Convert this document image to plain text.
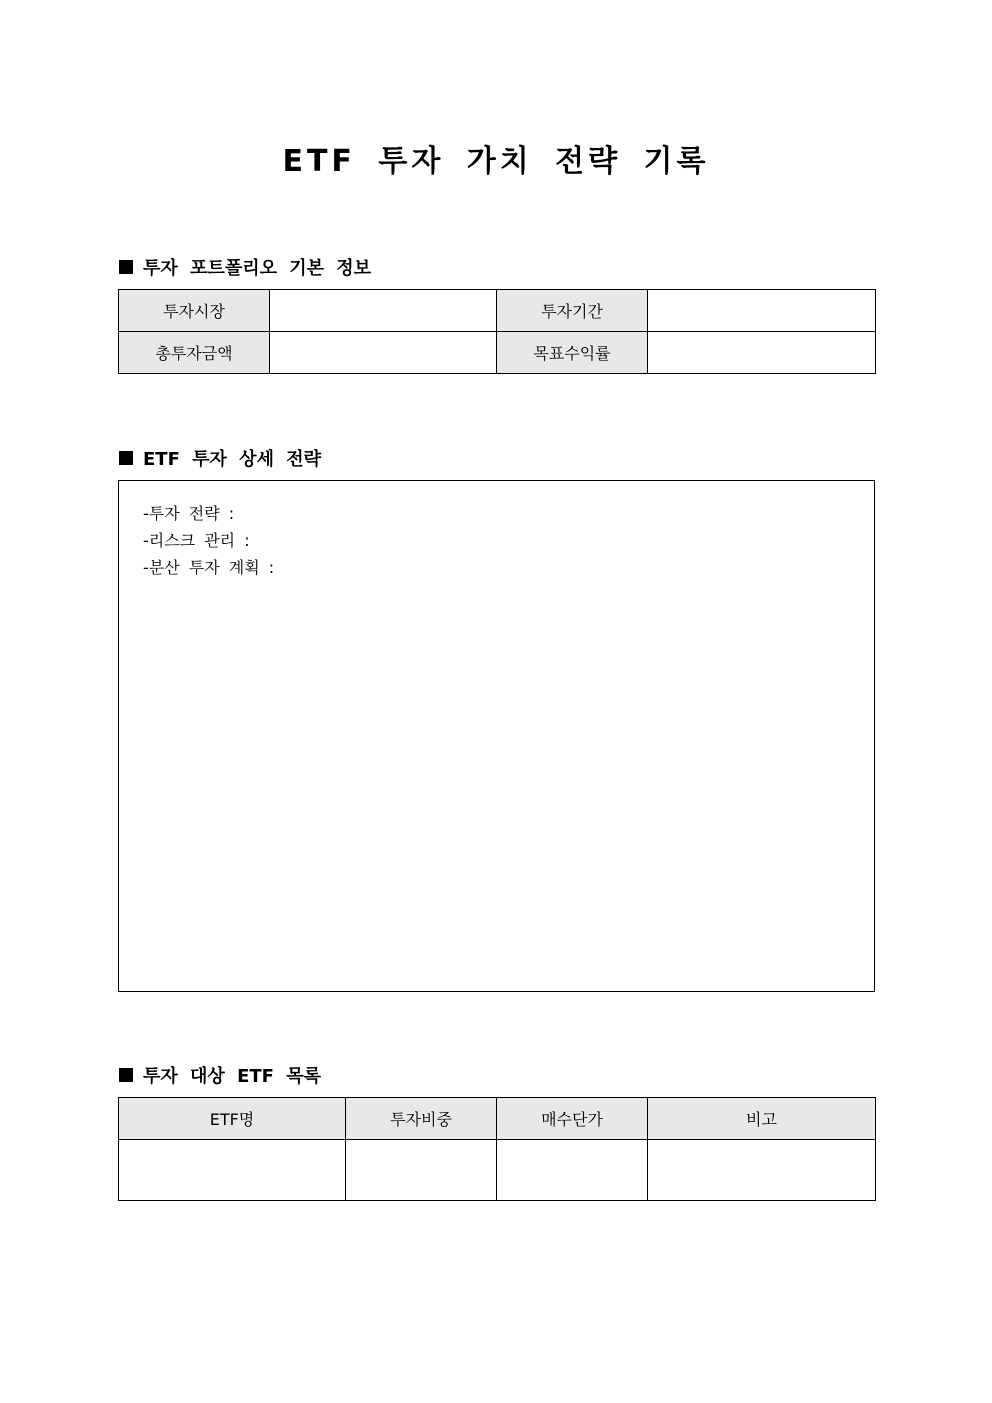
ETF 투자 가치 전략 기록
투자 포트폴리오 기본 정보
투자시장		투자기간	
총투자금액		목표수익률	
ETF 투자 상세 전략
-투자 전략 :
-리스크 관리 :
-분산 투자 계획 :
투자 대상 ETF 목록
ETF명	투자비중	매수단가	비고
